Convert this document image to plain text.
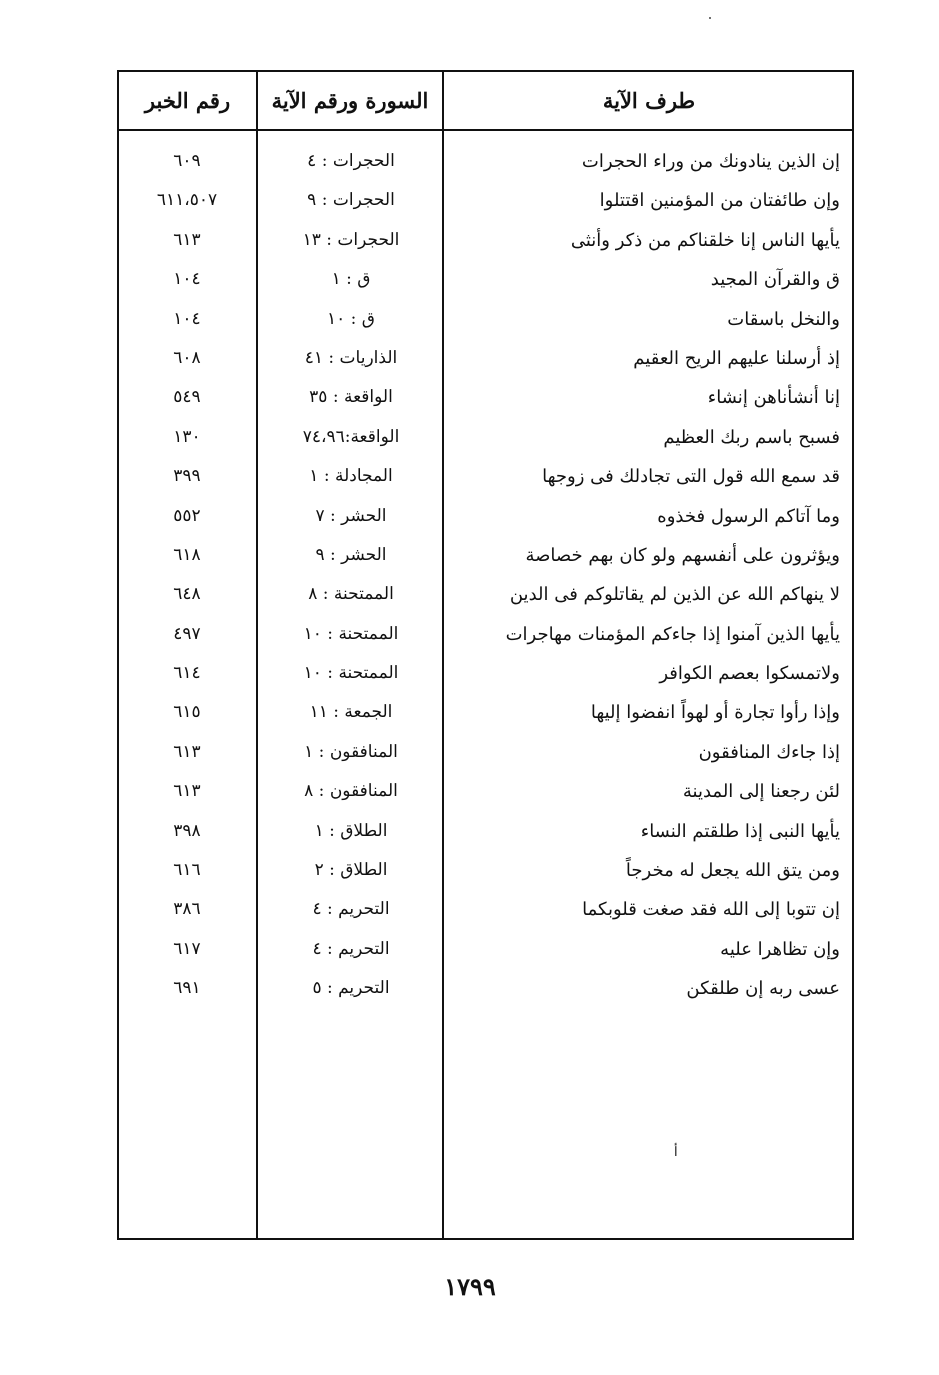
رقم الخبر	السورة ورقم الآية	طرف الآية
إن الذين ينادونك من وراء الحجرات
الحجرات : ٤
٦٠٩
وإن طائفتان من المؤمنين اقتتلوا
الحجرات : ٩
٦١١،٥٠٧
يأيها الناس إنا خلقناكم من ذكر وأنثى
الحجرات : ١٣
٦١٣
ق والقرآن المجيد
ق : ١
١٠٤
والنخل باسقات
ق : ١٠
١٠٤
إذ أرسلنا عليهم الريح العقيم
الذاريات : ٤١
٦٠٨
إنا أنشأناهن إنشاء
الواقعة : ٣٥
٥٤٩
فسبح باسم ربك العظيم
الواقعة:٧٤،٩٦
١٣٠
قد سمع الله قول التى تجادلك فى زوجها
المجادلة : ١
٣٩٩
وما آتاكم الرسول فخذوه
الحشر : ٧
٥٥٢
ويؤثرون على أنفسهم ولو كان بهم خصاصة
الحشر : ٩
٦١٨
لا ينهاكم الله عن الذين لم يقاتلوكم فى الدين
الممتحنة : ٨
٦٤٨
يأيها الذين آمنوا إذا جاءكم المؤمنات مهاجرات
الممتحنة : ١٠
٤٩٧
ولاتمسكوا بعصم الكوافر
الممتحنة : ١٠
٦١٤
وإذا رأوا تجارة أو لهواً انفضوا إليها
الجمعة : ١١
٦١٥
إذا جاءك المنافقون
المنافقون : ١
٦١٣
لئن رجعنا إلى المدينة
المنافقون : ٨
٦١٣
يأيها النبى إذا طلقتم النساء
الطلاق : ١
٣٩٨
ومن يتق الله يجعل له مخرجاً
الطلاق : ٢
٦١٦
إن تتوبا إلى الله فقد صغت قلوبكما
التحريم : ٤
٣٨٦
وإن تظاهرا عليه
التحريم : ٤
٦١٧
عسى ربه إن طلقكن
التحريم : ٥
٦٩١
أ
١٧٩٩
